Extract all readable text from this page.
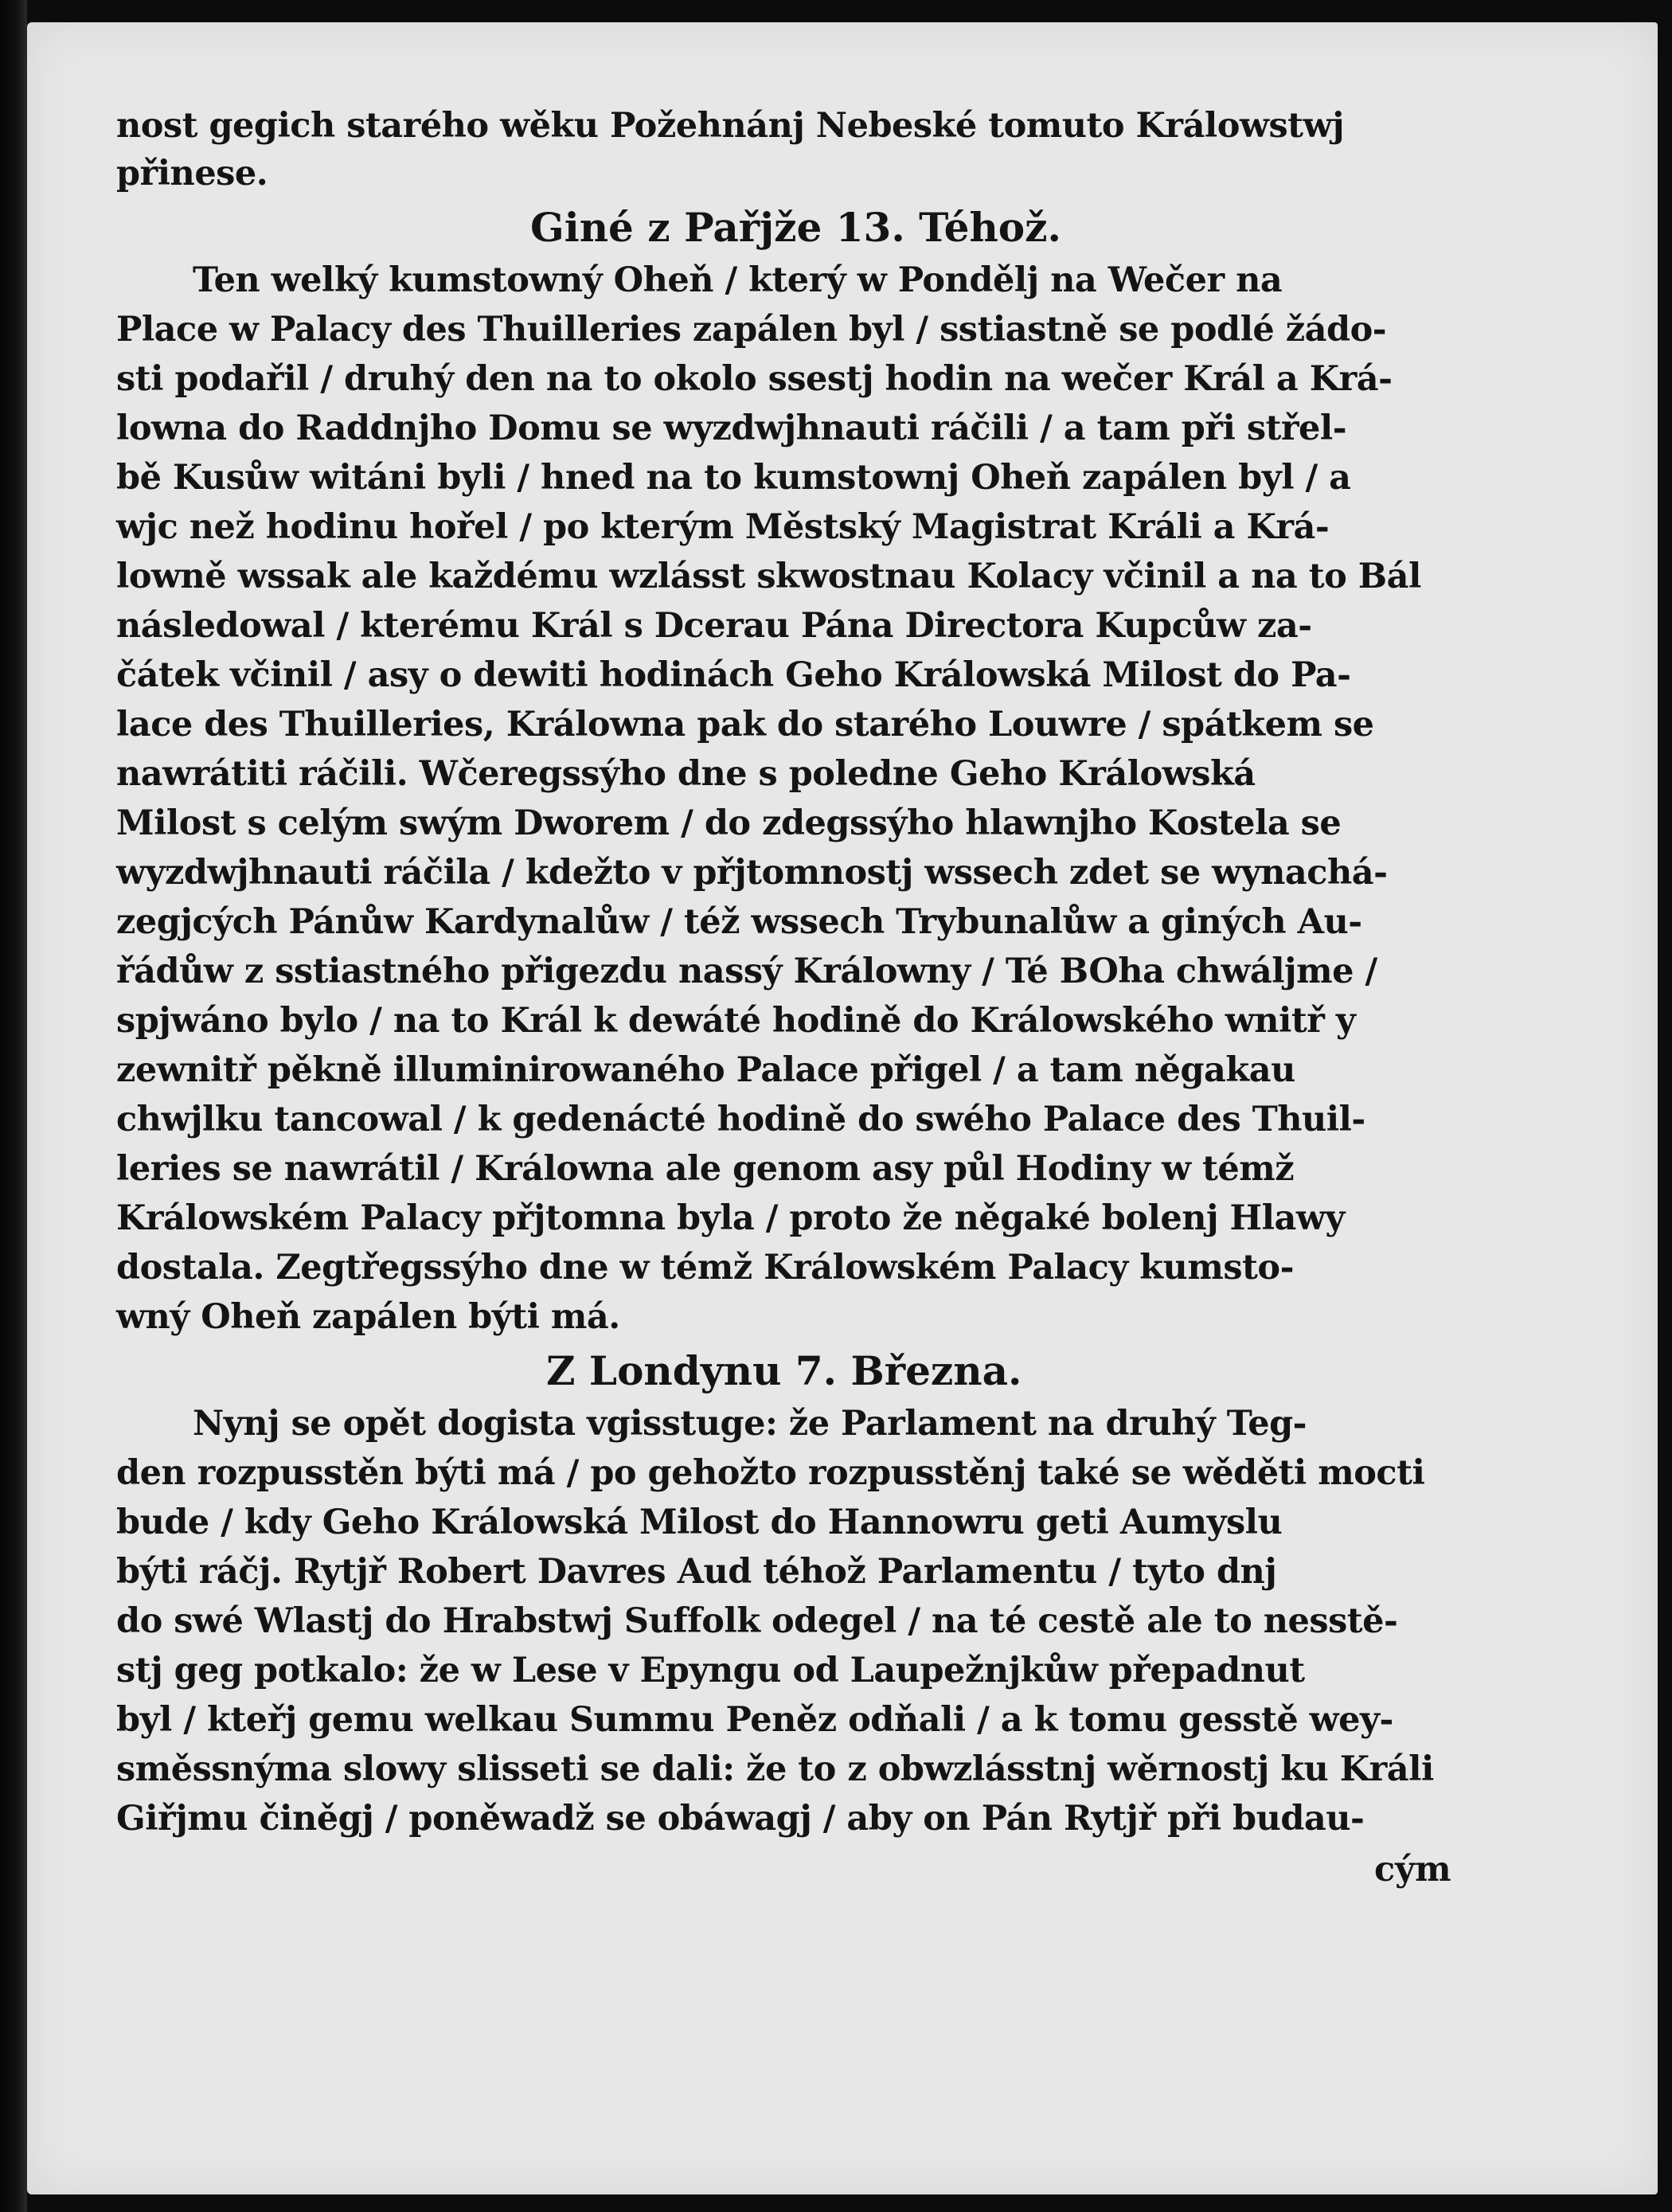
nost gegich starého wěku Požehnánj Nebeské tomuto Králowstwj
přinese.
Giné z Pařjže 13. Téhož.
Ten welký kumstowný Oheň / který w Pondělj na Wečer na
Place w Palacy des Thuilleries zapálen byl / sstiastně se podlé žádo-
sti podařil / druhý den na to okolo ssestj hodin na wečer Král a Krá-
lowna do Raddnjho Domu se wyzdwjhnauti ráčili / a tam při střel-
bě Kusůw witáni byli / hned na to kumstownj Oheň zapálen byl / a
wjc než hodinu hořel / po kterým Městský Magistrat Králi a Krá-
lowně wssak ale každému wzlásst skwostnau Kolacy včinil a na to Bál
následowal / kterému Král s Dcerau Pána Directora Kupcůw za-
čátek včinil / asy o dewiti hodinách Geho Králowská Milost do Pa-
lace des Thuilleries, Králowna pak do starého Louwre / spátkem se
nawrátiti ráčili. Wčeregssýho dne s poledne Geho Králowská
Milost s celým swým Dworem / do zdegssýho hlawnjho Kostela se
wyzdwjhnauti ráčila / kdežto v přjtomnostj wssech zdet se wynachá-
zegjcých Pánůw Kardynalůw / též wssech Trybunalůw a giných Au-
řádůw z sstiastného přigezdu nassý Králowny / Té BOha chwáljme /
spjwáno bylo / na to Král k dewáté hodině do Králowského wnitř y
zewnitř pěkně illuminirowaného Palace přigel / a tam něgakau
chwjlku tancowal / k gedenácté hodině do swého Palace des Thuil-
leries se nawrátil / Králowna ale genom asy půl Hodiny w témž
Králowském Palacy přjtomna byla / proto že něgaké bolenj Hlawy
dostala. Zegtřegssýho dne w témž Králowském Palacy kumsto-
wný Oheň zapálen býti má.
Z Londynu 7. Března.
Nynj se opět dogista vgisstuge: že Parlament na druhý Teg-
den rozpusstěn býti má / po gehožto rozpusstěnj také se wěděti mocti
bude / kdy Geho Králowská Milost do Hannowru geti Aumyslu
býti ráčj. Rytjř Robert Davres Aud téhož Parlamentu / tyto dnj
do swé Wlastj do Hrabstwj Suffolk odegel / na té cestě ale to nesstě-
stj geg potkalo: že w Lese v Epyngu od Laupežnjkůw přepadnut
byl / kteřj gemu welkau Summu Peněz odňali / a k tomu gesstě wey-
směssnýma slowy slisseti se dali: že to z obwzlásstnj wěrnostj ku Králi
Giřjmu činěgj / poněwadž se obáwagj / aby on Pán Rytjř při budau-
cým
